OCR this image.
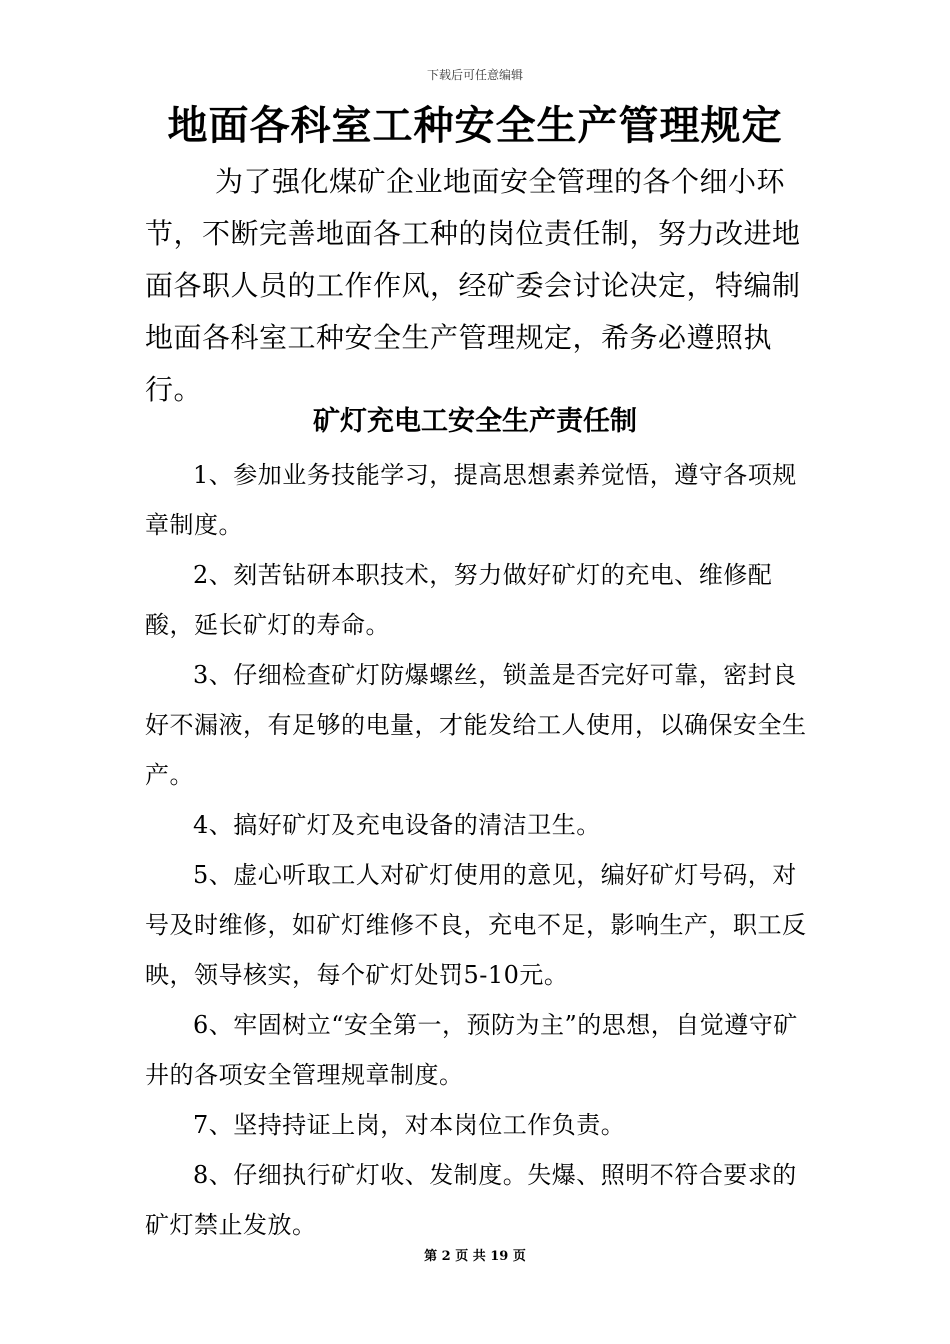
下载后可任意编辑
地面各科室工种安全生产管理规定

为了强化煤矿企业地面安全管理的各个细小环节，不断完善地面各工种的岗位责任制，努力改进地面各职人员的工作作风，经矿委会讨论决定，特编制地面各科室工种安全生产管理规定，希务必遵照执行。

矿灯充电工安全生产责任制

1、参加业务技能学习，提高思想素养觉悟，遵守各项规章制度。

2、刻苦钻研本职技术，努力做好矿灯的充电、维修配酸，延长矿灯的寿命。

3、仔细检查矿灯防爆螺丝，锁盖是否完好可靠，密封良好不漏液，有足够的电量，才能发给工人使用，以确保安全生产。

4、搞好矿灯及充电设备的清洁卫生。

5、虚心听取工人对矿灯使用的意见，编好矿灯号码，对号及时维修，如矿灯维修不良，充电不足，影响生产，职工反映，领导核实，每个矿灯处罚5-10元。

6、牢固树立“安全第一，预防为主”的思想，自觉遵守矿井的各项安全管理规章制度。

7、坚持持证上岗，对本岗位工作负责。

8、仔细执行矿灯收、发制度。失爆、照明不符合要求的矿灯禁止发放。

第 2 页 共 19 页
